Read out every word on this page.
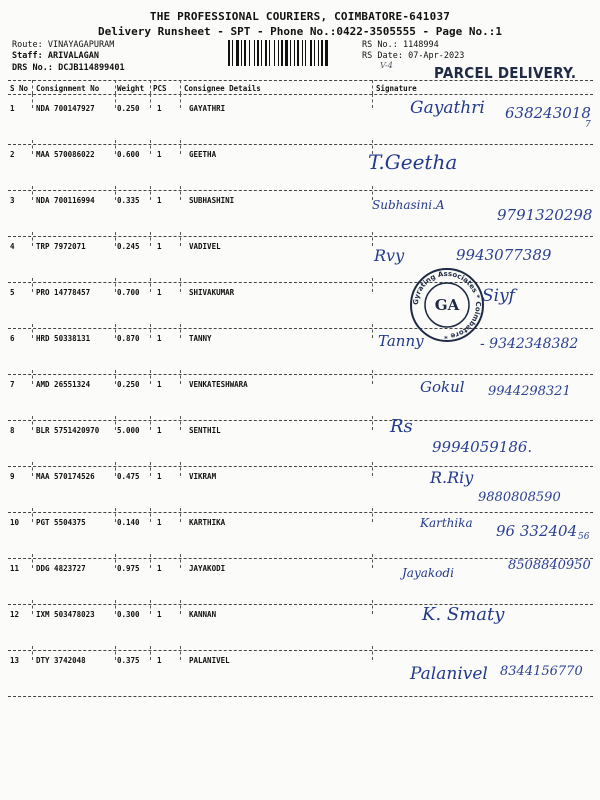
THE PROFESSIONAL COURIERS, COIMBATORE-641037
Delivery Runsheet - SPT - Phone No.:0422-3505555 - Page No.:1
Route: VINAYAGAPURAM
Staff: ARIVALAGAN
DRS No.: DCJB114899401
RS No.: 1148994
RS Date: 07-Apr-2023
V-4	PARCEL DELIVERY.
S No Consignment No Weight PCS Consignee Details	Signature
1	NDA 700147927	0.250 1	GAYATHRI	Gayathri 638243018
7
2	MAA 570086022	0.600 1	GEETHA	T.Geetha
3	NDA 700116994	0.335 1	SUBHASHINI	Subhasini.A
9791320298
4	TRP 7972071	0.245 1	VADIVEL	Rvy	9943077389
5	PRO 14778457	0.700 1	SHIVAKUMAR	Siyf
6	HRD 50338131	0.870 1	TANNY	Tanny	- 9342348382
7	AMD 26551324	0.250 1	VENKATESHWARA	Gokul 9944298321
8	BLR 5751420970 5.000 1	SENTHIL	Rs
9994059186.
9	MAA 570174526	0.475 1	VIKRAM	R.Riy
9880808590
10 PGT 5504375	0.140 1	KARTHIKA	Karthika 96 332404 56
11 DDG 4823727	0.975 1	JAYAKODI	Jayakodi	8508840950
12 IXM 503478023	0.300 1	KANNAN	K. Smaty
13 DTY 3742048	0.375 1	PALANIVEL
Palanivel 8344156770
Gyrating Associates * Coimbatore *
GA
